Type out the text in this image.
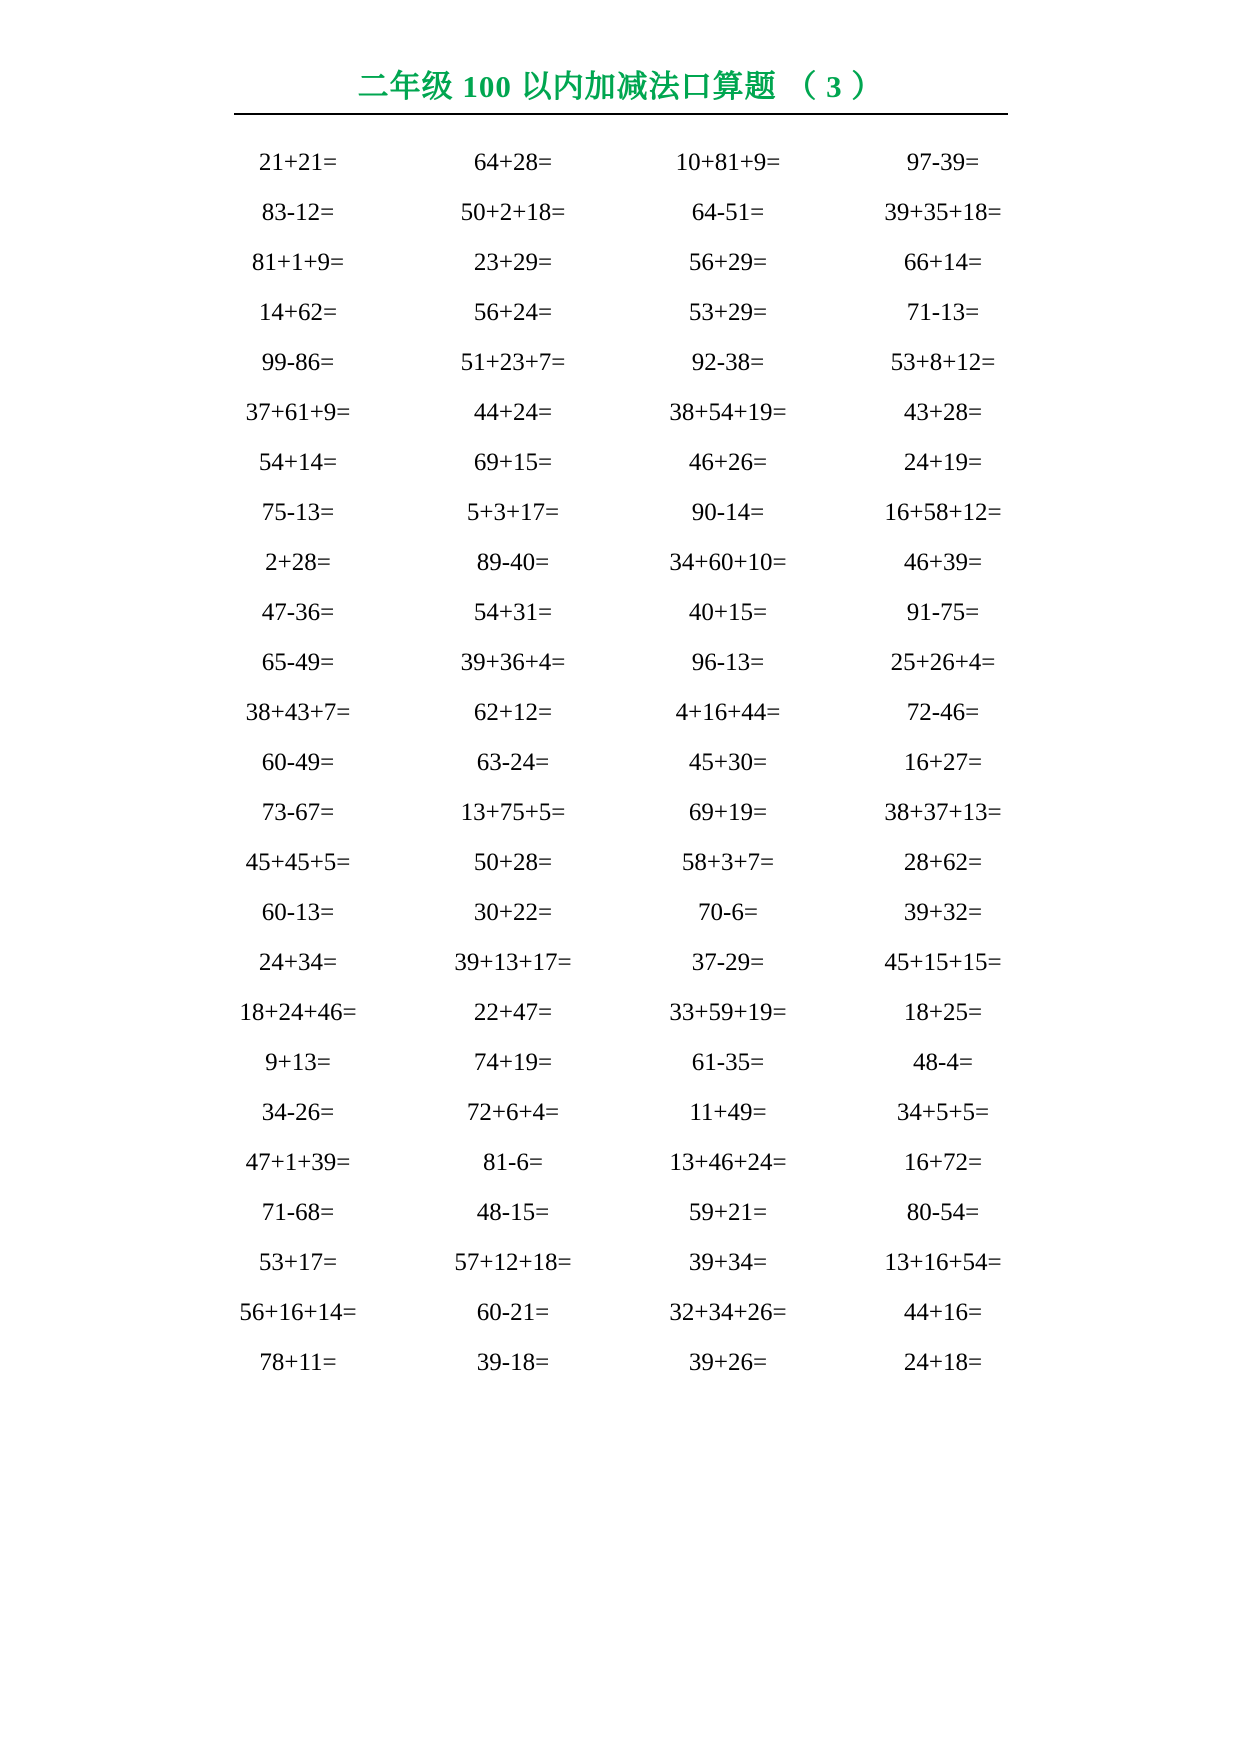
二年级 100 以内加减法口算题 （ 3 ）
21+21=	64+28=	10+81+9=	97-39=
83-12=	50+2+18=	64-51=	39+35+18=
81+1+9=	23+29=	56+29=	66+14=
14+62=	56+24=	53+29=	71-13=
99-86=	51+23+7=	92-38=	53+8+12=
37+61+9=	44+24=	38+54+19=	43+28=
54+14=	69+15=	46+26=	24+19=
75-13=	5+3+17=	90-14=	16+58+12=
2+28=	89-40=	34+60+10=	46+39=
47-36=	54+31=	40+15=	91-75=
65-49=	39+36+4=	96-13=	25+26+4=
38+43+7=	62+12=	4+16+44=	72-46=
60-49=	63-24=	45+30=	16+27=
73-67=	13+75+5=	69+19=	38+37+13=
45+45+5=	50+28=	58+3+7=	28+62=
60-13=	30+22=	70-6=	39+32=
24+34=	39+13+17=	37-29=	45+15+15=
18+24+46=	22+47=	33+59+19=	18+25=
9+13=	74+19=	61-35=	48-4=
34-26=	72+6+4=	11+49=	34+5+5=
47+1+39=	81-6=	13+46+24=	16+72=
71-68=	48-15=	59+21=	80-54=
53+17=	57+12+18=	39+34=	13+16+54=
56+16+14=	60-21=	32+34+26=	44+16=
78+11=	39-18=	39+26=	24+18=
